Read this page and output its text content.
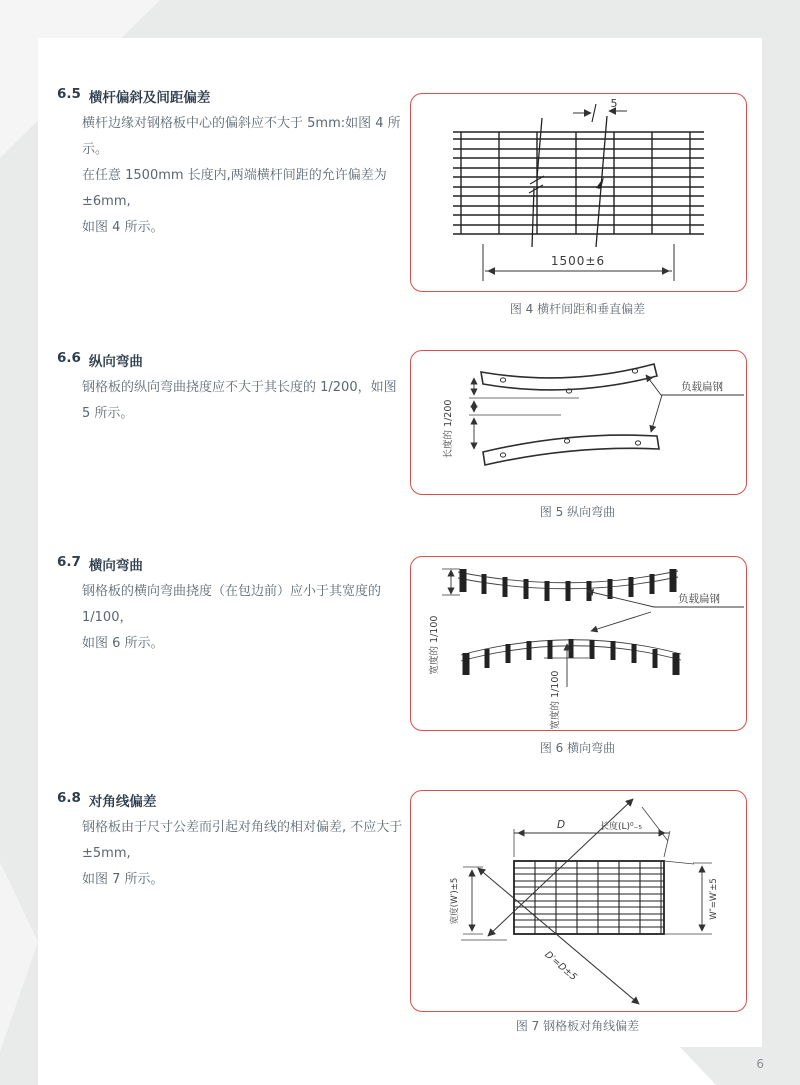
6.5 横杆偏斜及间距偏差
横杆边缘对钢格板中心的偏斜应不大于 5mm:如图 4 所示。
在任意 1500mm 长度内,两端横杆间距的允许偏差为±6mm,
如图 4 所示。
5
1500±6
图 4 横杆间距和垂直偏差
6.6 纵向弯曲
钢格板的纵向弯曲挠度应不大于其长度的 1/200，如图 5 所示。	长度的 1/200
负载扁钢
图 5 纵向弯曲
6.7 横向弯曲
钢格板的横向弯曲挠度（在包边前）应小于其宽度的 1/100，
如图 6 所示。	宽度的 1/100
负载扁钢
宽度的 1/100
图 6 横向弯曲
6.8 对角线偏差
钢格板由于尺寸公差而引起对角线的相对偏差, 不应大于 ±5mm,
如图 7 所示。
D	长度(L)⁰₋₅
宽度(W′)±5	W″=W′±5
D′=D±5
图 7 钢格板对角线偏差
6
